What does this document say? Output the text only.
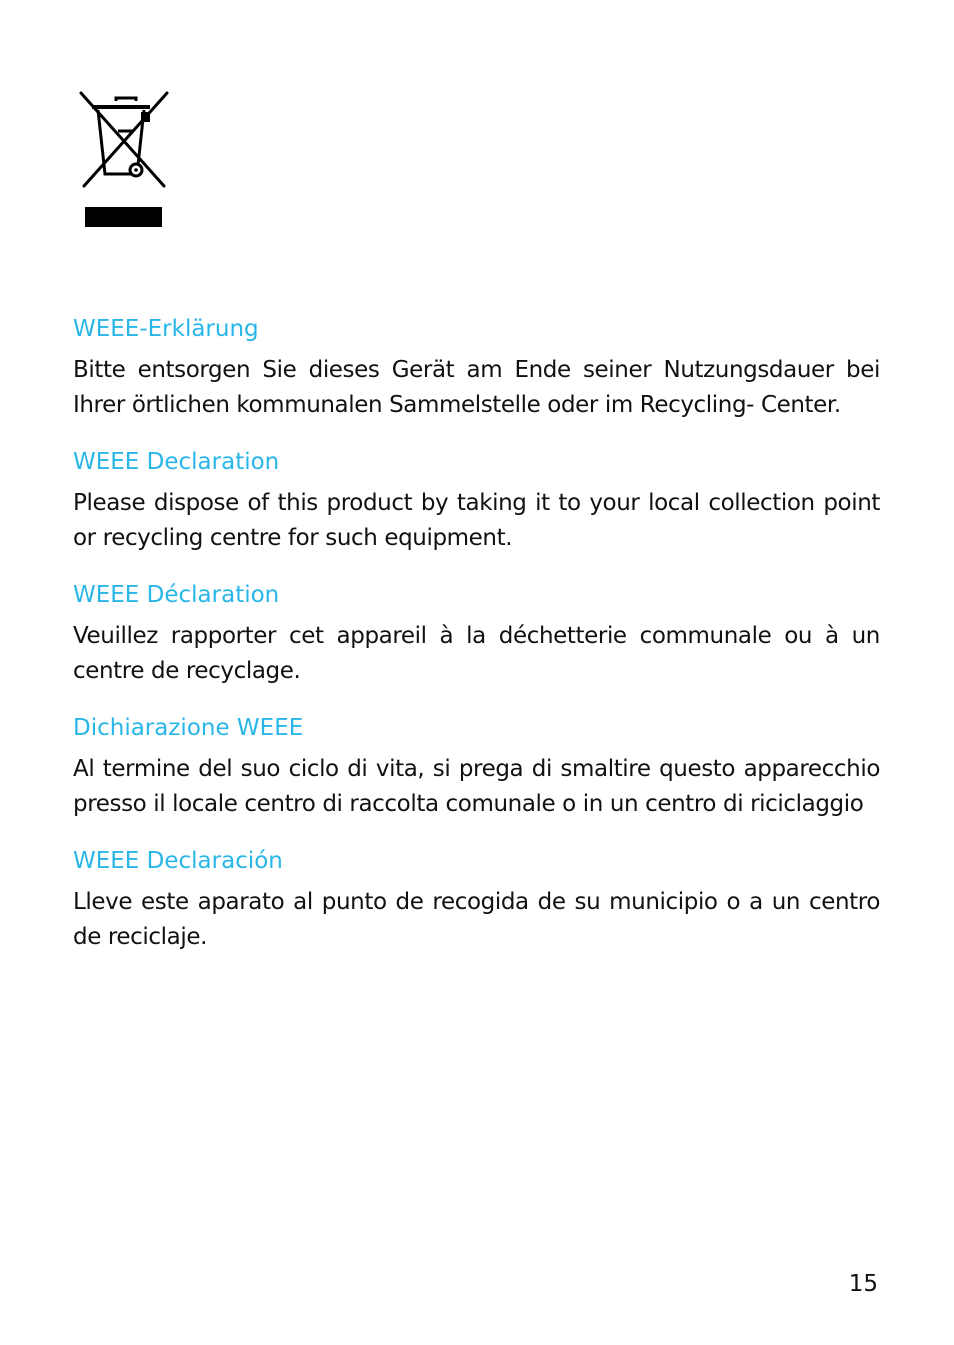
WEEE-Erklärung

Bitte entsorgen Sie dieses Gerät am Ende seiner Nutzungsdauer bei Ihrer örtlichen kommunalen Sammelstelle oder im Recycling- Center.

WEEE Declaration

Please dispose of this product by taking it to your local collection point or recycling centre for such equipment.

WEEE Déclaration

Veuillez rapporter cet appareil à la déchetterie communale ou à un centre de recyclage.

Dichiarazione WEEE

Al termine del suo ciclo di vita, si prega di smaltire questo apparecchio presso il locale centro di raccolta comunale o in un centro di riciclaggio

WEEE Declaración

Lleve este aparato al punto de recogida de su municipio o a un centro de reciclaje.

15
